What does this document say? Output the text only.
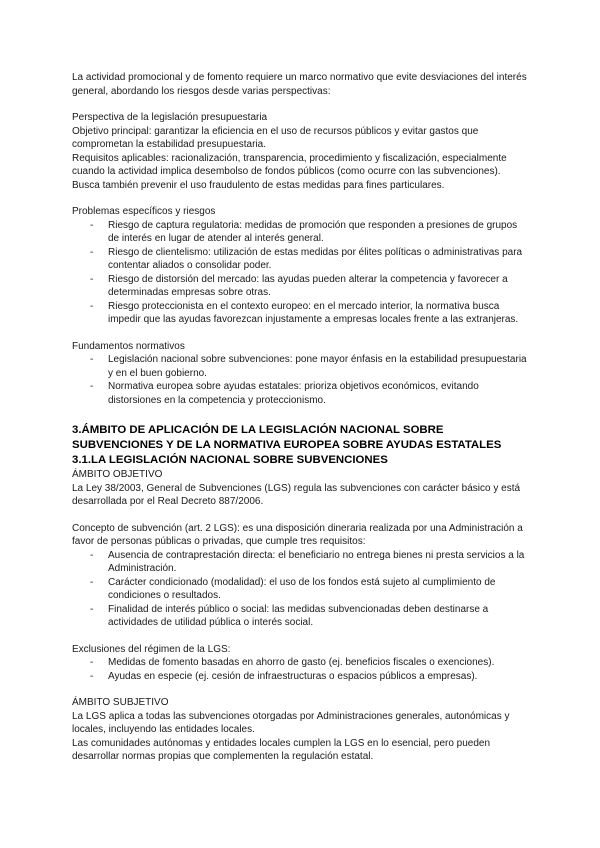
La actividad promocional y de fomento requiere un marco normativo que evite desviaciones del interés general, abordando los riesgos desde varias perspectivas:

Perspectiva de la legislación presupuestaria

Objetivo principal: garantizar la eficiencia en el uso de recursos públicos y evitar gastos que comprometan la estabilidad presupuestaria.

Requisitos aplicables: racionalización, transparencia, procedimiento y fiscalización, especialmente cuando la actividad implica desembolso de fondos públicos (como ocurre con las subvenciones).

Busca también prevenir el uso fraudulento de estas medidas para fines particulares.

Problemas específicos y riesgos

- Riesgo de captura regulatoria: medidas de promoción que responden a presiones de grupos de interés en lugar de atender al interés general.
- Riesgo de clientelismo: utilización de estas medidas por élites políticas o administrativas para contentar aliados o consolidar poder.
- Riesgo de distorsión del mercado: las ayudas pueden alterar la competencia y favorecer a determinadas empresas sobre otras.
- Riesgo proteccionista en el contexto europeo: en el mercado interior, la normativa busca impedir que las ayudas favorezcan injustamente a empresas locales frente a las extranjeras.

Fundamentos normativos

- Legislación nacional sobre subvenciones: pone mayor énfasis en la estabilidad presupuestaria y en el buen gobierno.
- Normativa europea sobre ayudas estatales: prioriza objetivos económicos, evitando distorsiones en la competencia y proteccionismo.

3.ÁMBITO DE APLICACIÓN DE LA LEGISLACIÓN NACIONAL SOBRE SUBVENCIONES Y DE LA NORMATIVA EUROPEA SOBRE AYUDAS ESTATALES

3.1.LA LEGISLACIÓN NACIONAL SOBRE SUBVENCIONES

ÁMBITO OBJETIVO

La Ley 38/2003, General de Subvenciones (LGS) regula las subvenciones con carácter básico y está desarrollada por el Real Decreto 887/2006.

Concepto de subvención (art. 2 LGS): es una disposición dineraria realizada por una Administración a favor de personas públicas o privadas, que cumple tres requisitos:

- Ausencia de contraprestación directa: el beneficiario no entrega bienes ni presta servicios a la Administración.
- Carácter condicionado (modalidad): el uso de los fondos está sujeto al cumplimiento de condiciones o resultados.
- Finalidad de interés público o social: las medidas subvencionadas deben destinarse a actividades de utilidad pública o interés social.

Exclusiones del régimen de la LGS:

- Medidas de fomento basadas en ahorro de gasto (ej. beneficios fiscales o exenciones).
- Ayudas en especie (ej. cesión de infraestructuras o espacios públicos a empresas).

ÁMBITO SUBJETIVO

La LGS aplica a todas las subvenciones otorgadas por Administraciones generales, autonómicas y locales, incluyendo las entidades locales.

Las comunidades autónomas y entidades locales cumplen la LGS en lo esencial, pero pueden desarrollar normas propias que complementen la regulación estatal.
